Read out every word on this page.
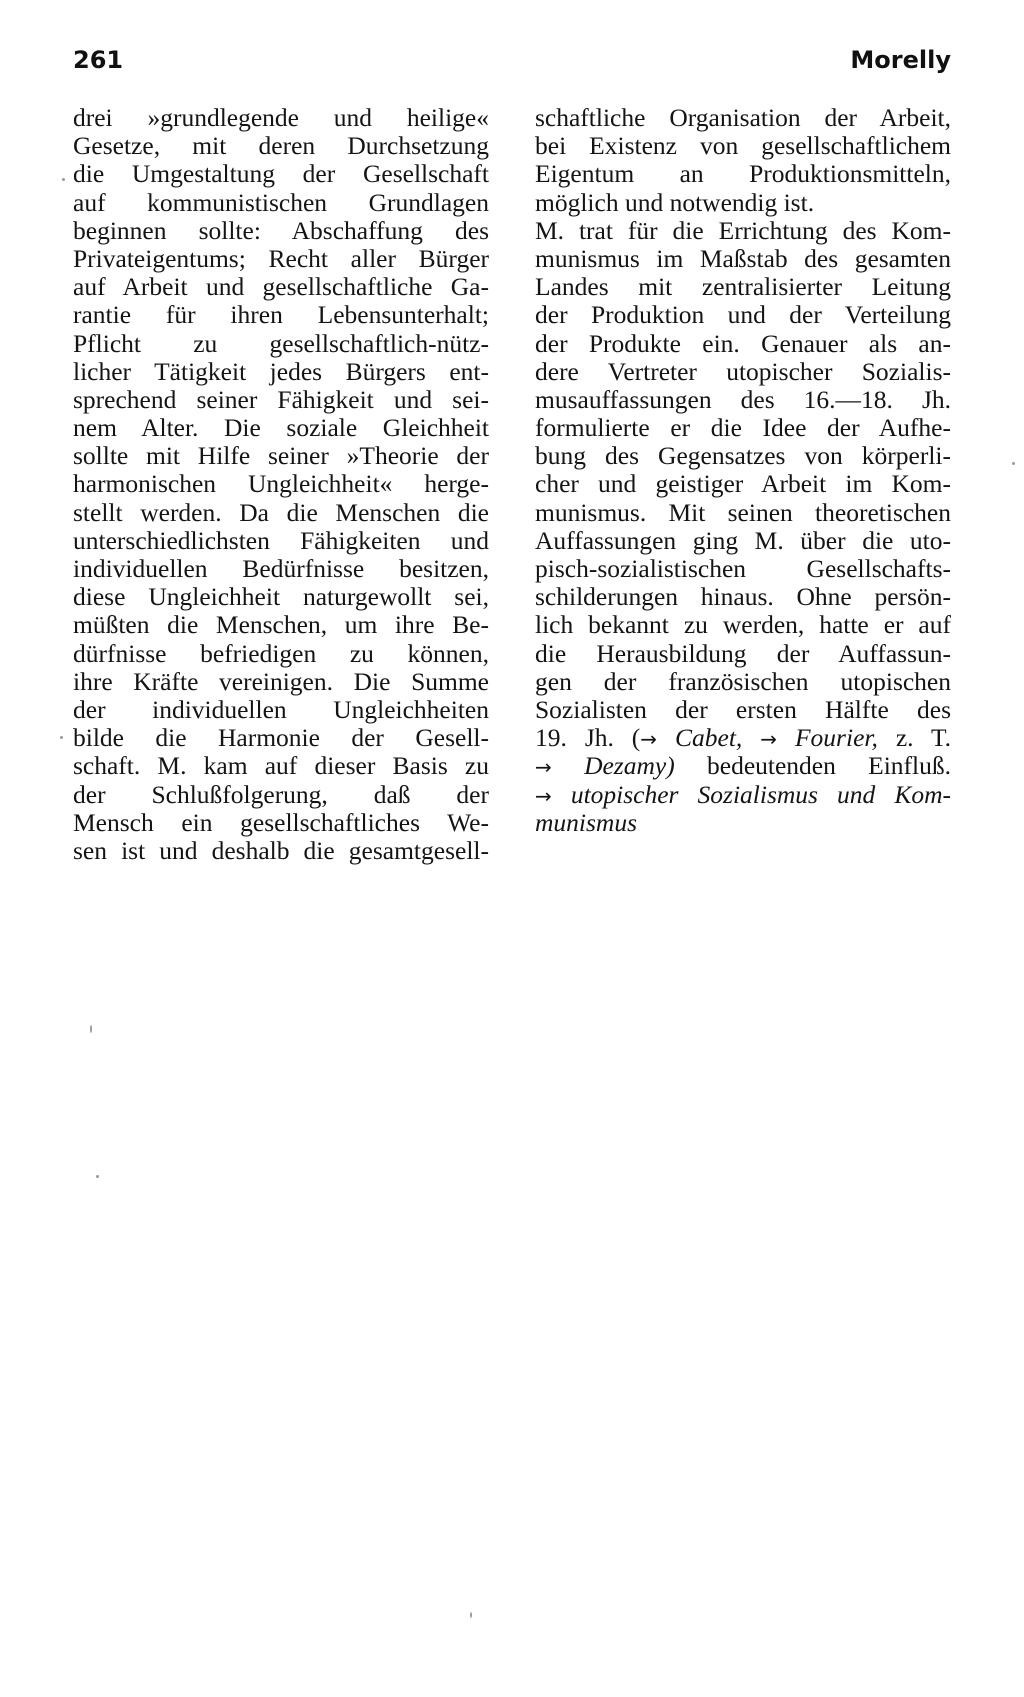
261	Morelly
drei »grundlegende und heilige«
Gesetze, mit deren Durchsetzung
die Umgestaltung der Gesellschaft
auf kommunistischen Grundlagen
beginnen sollte: Abschaffung des
Privateigentums; Recht aller Bürger
auf Arbeit und gesellschaftliche Ga-
rantie für ihren Lebensunterhalt;
Pflicht zu gesellschaftlich-nütz-
licher Tätigkeit jedes Bürgers ent-
sprechend seiner Fähigkeit und sei-
nem Alter. Die soziale Gleichheit
sollte mit Hilfe seiner »Theorie der
harmonischen Ungleichheit« herge-
stellt werden. Da die Menschen die
unterschiedlichsten Fähigkeiten und
individuellen Bedürfnisse besitzen,
diese Ungleichheit naturgewollt sei,
müßten die Menschen, um ihre Be-
dürfnisse befriedigen zu können,
ihre Kräfte vereinigen. Die Summe
der individuellen Ungleichheiten
bilde die Harmonie der Gesell-
schaft. M. kam auf dieser Basis zu
der Schlußfolgerung, daß der
Mensch ein gesellschaftliches We-
sen ist und deshalb die gesamtgesell-
schaftliche Organisation der Arbeit,
bei Existenz von gesellschaftlichem
Eigentum an Produktionsmitteln,
möglich und notwendig ist.
M. trat für die Errichtung des Kom-
munismus im Maßstab des gesamten
Landes mit zentralisierter Leitung
der Produktion und der Verteilung
der Produkte ein. Genauer als an-
dere Vertreter utopischer Sozialis-
musauffassungen des 16.—18. Jh.
formulierte er die Idee der Aufhe-
bung des Gegensatzes von körperli-
cher und geistiger Arbeit im Kom-
munismus. Mit seinen theoretischen
Auffassungen ging M. über die uto-
pisch-sozialistischen Gesellschafts-
schilderungen hinaus. Ohne persön-
lich bekannt zu werden, hatte er auf
die Herausbildung der Auffassun-
gen der französischen utopischen
Sozialisten der ersten Hälfte des
19. Jh. (→ Cabet, → Fourier, z. T.
→ Dezamy) bedeutenden Einfluß.
→ utopischer Sozialismus und Kom-
munismus
